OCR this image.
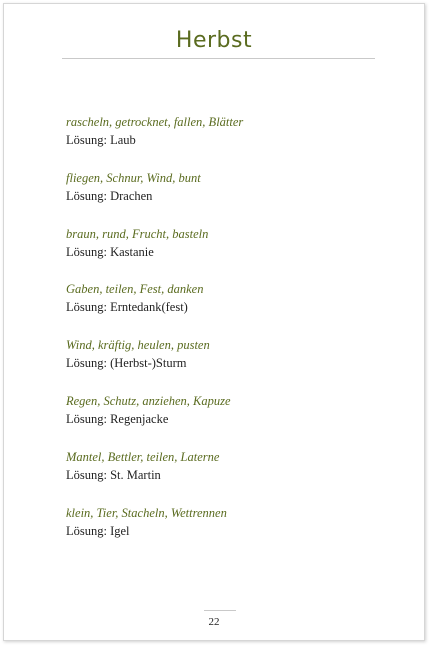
Herbst
rascheln, getrocknet, fallen, Blätter
Lösung: Laub
fliegen, Schnur, Wind, bunt
Lösung: Drachen
braun, rund, Frucht, basteln
Lösung: Kastanie
Gaben, teilen, Fest, danken
Lösung: Erntedank(fest)
Wind, kräftig, heulen, pusten
Lösung: (Herbst-)Sturm
Regen, Schutz, anziehen, Kapuze
Lösung: Regenjacke
Mantel, Bettler, teilen, Laterne
Lösung: St. Martin
klein, Tier, Stacheln, Wettrennen
Lösung: Igel
22
